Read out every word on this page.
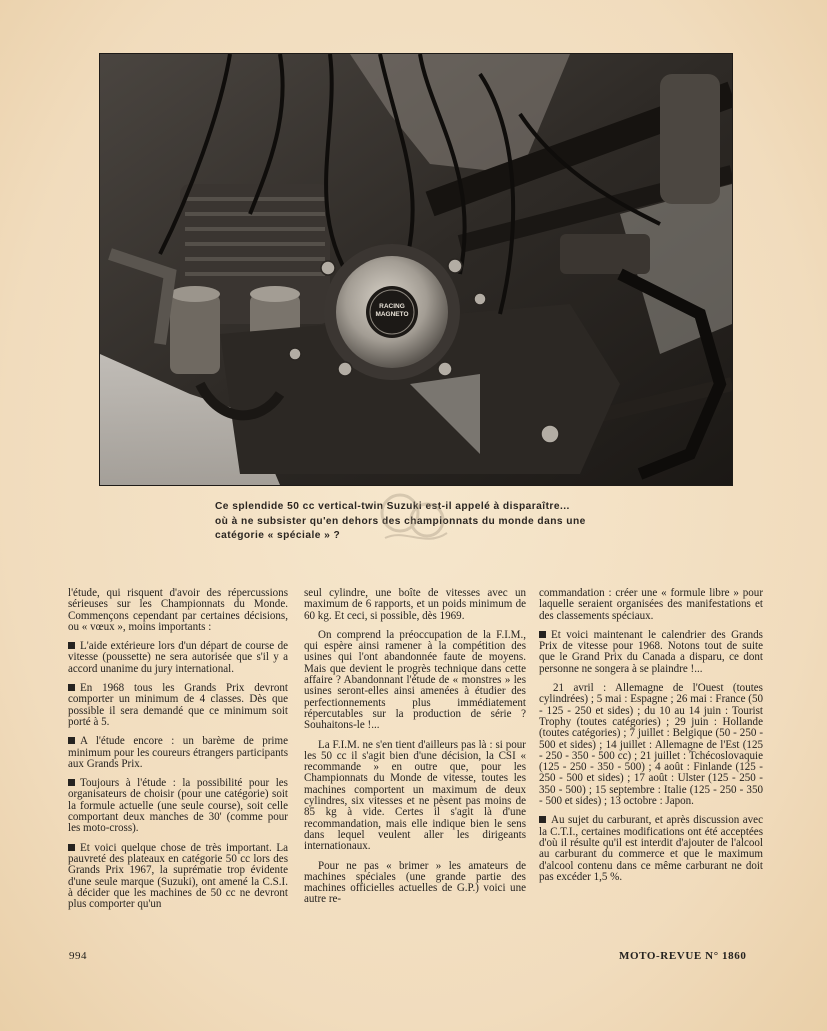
RACING
MAGNETO
Ce splendide 50 cc vertical-twin Suzuki est-il appelé à disparaître...
où à ne subsister qu'en dehors des championnats du monde dans une
catégorie « spéciale » ?

l'étude, qui risquent d'avoir des répercussions sérieuses sur les Championnats du Monde. Commençons cependant par certaines décisions, ou « vœux », moins importants :

L'aide extérieure lors d'un départ de course de vitesse (poussette) ne sera autorisée que s'il y a accord unanime du jury international.

En 1968 tous les Grands Prix devront comporter un minimum de 4 classes. Dès que possible il sera demandé que ce minimum soit porté à 5.

A l'étude encore : un barème de prime minimum pour les coureurs étrangers participants aux Grands Prix.

Toujours à l'étude : la possibilité pour les organisateurs de choisir (pour une catégorie) soit la formule actuelle (une seule course), soit celle comportant deux manches de 30' (comme pour les moto-cross).

Et voici quelque chose de très important. La pauvreté des plateaux en catégorie 50 cc lors des Grands Prix 1967, la suprématie trop évidente d'une seule marque (Suzuki), ont amené la C.S.I. à décider que les machines de 50 cc ne devront plus comporter qu'un

seul cylindre, une boîte de vitesses avec un maximum de 6 rapports, et un poids minimum de 60 kg. Et ceci, si possible, dès 1969.

On comprend la préoccupation de la F.I.M., qui espère ainsi ramener à la compétition des usines qui l'ont abandonnée faute de moyens. Mais que devient le progrès technique dans cette affaire ? Abandonnant l'étude de « monstres » les usines seront-elles ainsi amenées à étudier des perfectionnements plus immédiatement répercutables sur la production de série ? Souhaitons-le !...

La F.I.M. ne s'en tient d'ailleurs pas là : si pour les 50 cc il s'agit bien d'une décision, la CSI « recommande » en outre que, pour les Championnats du Monde de vitesse, toutes les machines comportent un maximum de deux cylindres, six vitesses et ne pèsent pas moins de 85 kg à vide. Certes il s'agit là d'une recommandation, mais elle indique bien le sens dans lequel veulent aller les dirigeants internationaux.

Pour ne pas « brimer » les amateurs de machines spéciales (une grande partie des machines officielles actuelles de G.P.) voici une autre re-

commandation : créer une « formule libre » pour laquelle seraient organisées des manifestations et des classements spéciaux.

Et voici maintenant le calendrier des Grands Prix de vitesse pour 1968. Notons tout de suite que le Grand Prix du Canada a disparu, ce dont personne ne songera à se plaindre !...

21 avril : Allemagne de l'Ouest (toutes cylindrées) ; 5 mai : Espagne ; 26 mai : France (50 - 125 - 250 et sides) ; du 10 au 14 juin : Tourist Trophy (toutes catégories) ; 29 juin : Hollande (toutes catégories) ; 7 juillet : Belgique (50 - 250 - 500 et sides) ; 14 juillet : Allemagne de l'Est (125 - 250 - 350 - 500 cc) ; 21 juillet : Tchécoslovaquie (125 - 250 - 350 - 500) ; 4 août : Finlande (125 - 250 - 500 et sides) ; 17 août : Ulster (125 - 250 - 350 - 500) ; 15 septembre : Italie (125 - 250 - 350 - 500 et sides) ; 13 octobre : Japon.

Au sujet du carburant, et après discussion avec la C.T.I., certaines modifications ont été acceptées d'où il résulte qu'il est interdit d'ajouter de l'alcool au carburant du commerce et que le maximum d'alcool contenu dans ce même carburant ne doit pas excéder 1,5 %.

994	MOTO-REVUE N° 1860
